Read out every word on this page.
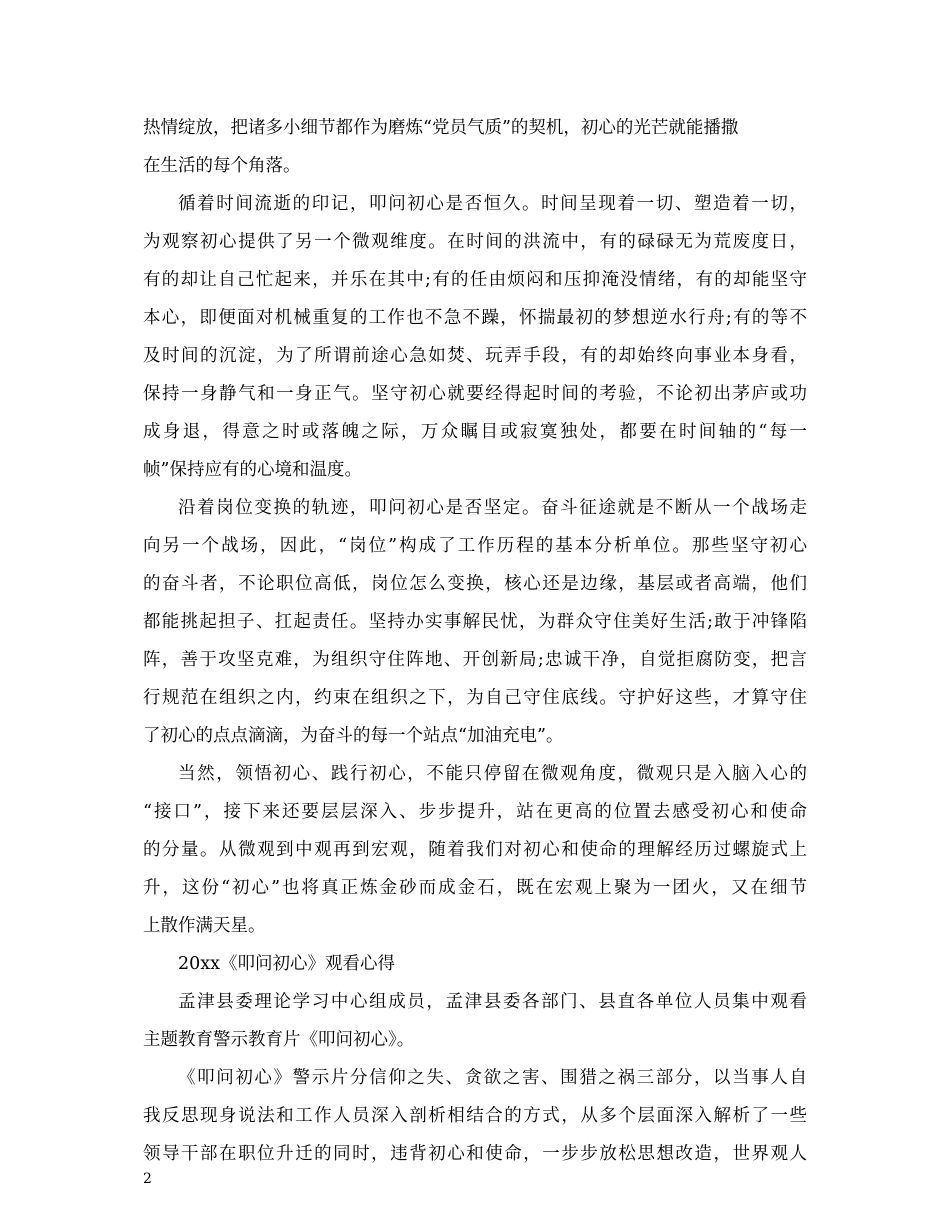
热情绽放，把诸多小细节都作为磨炼“党员气质”的契机，初心的光芒就能播撒
在生活的每个角落。
循着时间流逝的印记，叩问初心是否恒久。时间呈现着一切、塑造着一切，
为观察初心提供了另一个微观维度。在时间的洪流中，有的碌碌无为荒废度日，
有的却让自己忙起来，并乐在其中;有的任由烦闷和压抑淹没情绪，有的却能坚守
本心，即便面对机械重复的工作也不急不躁，怀揣最初的梦想逆水行舟;有的等不
及时间的沉淀，为了所谓前途心急如焚、玩弄手段，有的却始终向事业本身看，
保持一身静气和一身正气。坚守初心就要经得起时间的考验，不论初出茅庐或功
成身退，得意之时或落魄之际，万众瞩目或寂寞独处，都要在时间轴的“每一
帧”保持应有的心境和温度。
沿着岗位变换的轨迹，叩问初心是否坚定。奋斗征途就是不断从一个战场走
向另一个战场，因此，“岗位”构成了工作历程的基本分析单位。那些坚守初心
的奋斗者，不论职位高低，岗位怎么变换，核心还是边缘，基层或者高端，他们
都能挑起担子、扛起责任。坚持办实事解民忧，为群众守住美好生活;敢于冲锋陷
阵，善于攻坚克难，为组织守住阵地、开创新局;忠诚干净，自觉拒腐防变，把言
行规范在组织之内，约束在组织之下，为自己守住底线。守护好这些，才算守住
了初心的点点滴滴，为奋斗的每一个站点“加油充电”。
当然，领悟初心、践行初心，不能只停留在微观角度，微观只是入脑入心的
“接口”，接下来还要层层深入、步步提升，站在更高的位置去感受初心和使命
的分量。从微观到中观再到宏观，随着我们对初心和使命的理解经历过螺旋式上
升，这份“初心”也将真正炼金砂而成金石，既在宏观上聚为一团火，又在细节
上散作满天星。
20xx《叩问初心》观看心得
孟津县委理论学习中心组成员，孟津县委各部门、县直各单位人员集中观看
主题教育警示教育片《叩问初心》。
《叩问初心》警示片分信仰之失、贪欲之害、围猎之祸三部分，以当事人自
我反思现身说法和工作人员深入剖析相结合的方式，从多个层面深入解析了一些
领导干部在职位升迁的同时，违背初心和使命，一步步放松思想改造，世界观人
2
